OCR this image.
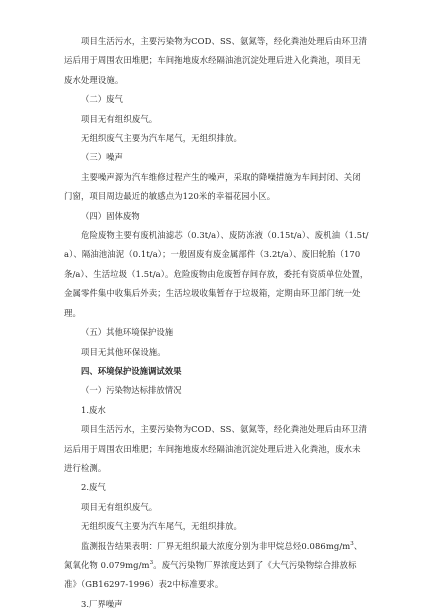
项目生活污水，主要污染物为COD、SS、氨氮等，经化粪池处理后由环卫清运后用于周围农田堆肥；车间拖地废水经隔油池沉淀处理后进入化粪池，项目无废水处理设施。

（二）废气

项目无有组织废气。

无组织废气主要为汽车尾气，无组织排放。

（三）噪声

主要噪声源为汽车维修过程产生的噪声，采取的降噪措施为车间封闭、关闭门窗，项目周边最近的敏感点为120米的幸福花园小区。

（四）固体废物

危险废物主要有废机油滤芯（0.3t/a）、废防冻液（0.15t/a）、废机油（1.5t/a）、隔油池油泥（0.1t/a）；一般固废有废金属部件（3.2t/a）、废旧轮胎（170条/a）、生活垃圾（1.5t/a）。危险废物由危废暂存间存放，委托有资质单位处置，金属零件集中收集后外卖；生活垃圾收集暂存于垃圾箱，定期由环卫部门统一处理。

（五）其他环境保护设施

项目无其他环保设施。

四、环境保护设施调试效果

（一）污染物达标排放情况

1.废水

项目生活污水，主要污染物为COD、SS、氨氮等，经化粪池处理后由环卫清运后用于周围农田堆肥；车间拖地废水经隔油池沉淀处理后进入化粪池，废水未进行检测。

2.废气

项目无有组织废气。

无组织废气主要为汽车尾气，无组织排放。

监测报告结果表明：厂界无组织最大浓度分别为非甲烷总烃$0.086mg/m^3$、氮氧化物 $0.079mg/m^3$。废气污染物厂界浓度达到了《大气污染物综合排放标准》（GB16297-1996）表2中标准要求。

3.厂界噪声
